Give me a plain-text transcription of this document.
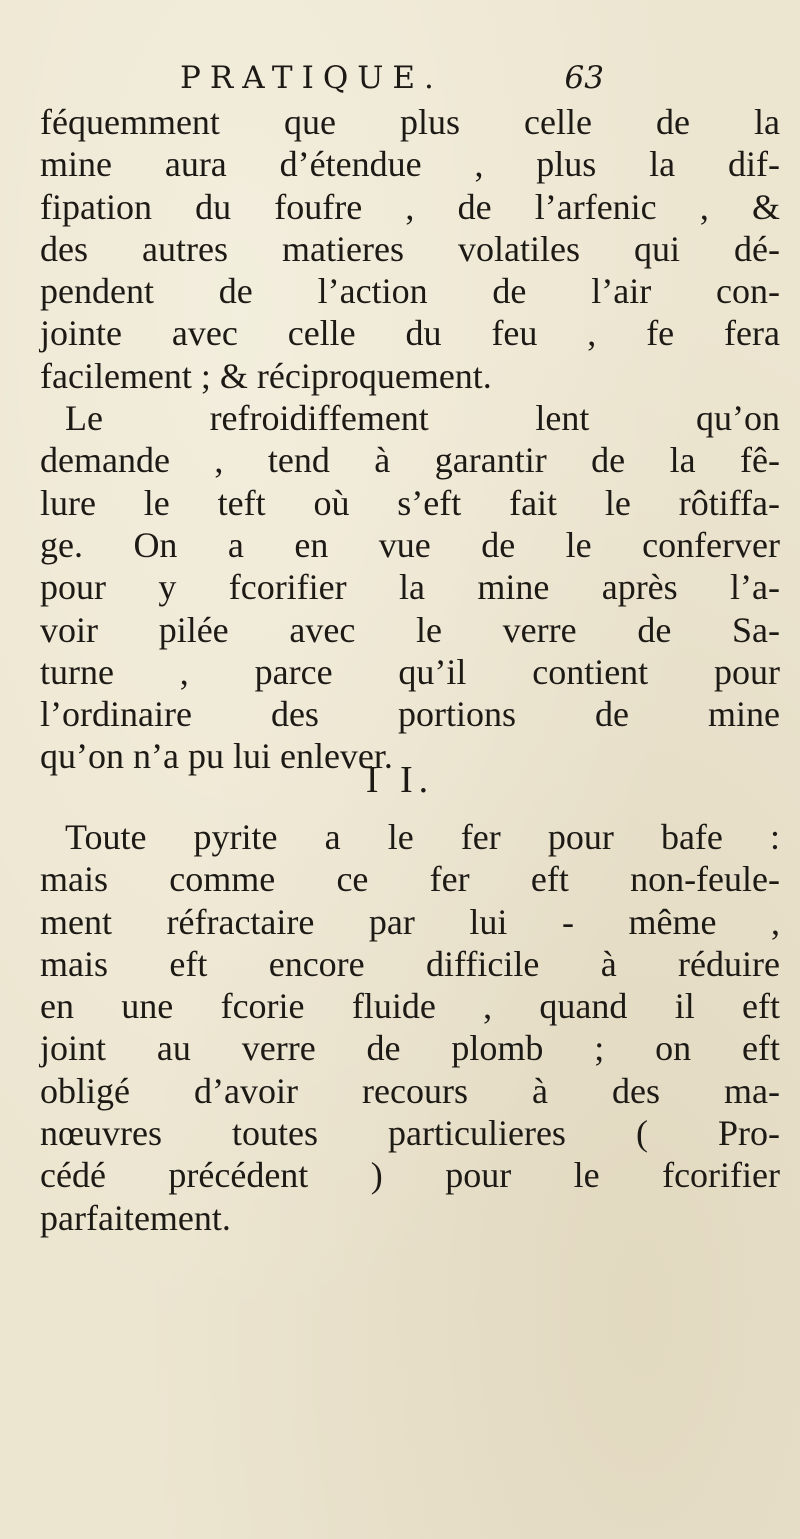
PRATIQUE.	63
féquemment que plus celle de la
mine aura d’étendue , plus la dif-
fipation du foufre , de l’arfenic , &
des autres matieres volatiles qui dé-
pendent de l’action de l’air con-
jointe avec celle du feu , fe fera
facilement ; & réciproquement.
Le refroidiffement lent qu’on
demande , tend à garantir de la fê-
lure le teft où s’eft fait le rôtiffa-
ge. On a en vue de le conferver
pour y fcorifier la mine après l’a-
voir pilée avec le verre de Sa-
turne , parce qu’il contient pour
l’ordinaire des portions de mine
qu’on n’a pu lui enlever.
I I.
Toute pyrite a le fer pour bafe :
mais comme ce fer eft non-feule-
ment réfractaire par lui - même ,
mais eft encore difficile à réduire
en une fcorie fluide , quand il eft
joint au verre de plomb ; on eft
obligé d’avoir recours à des ma-
nœuvres toutes particulieres ( Pro-
cédé précédent ) pour le fcorifier
parfaitement.
